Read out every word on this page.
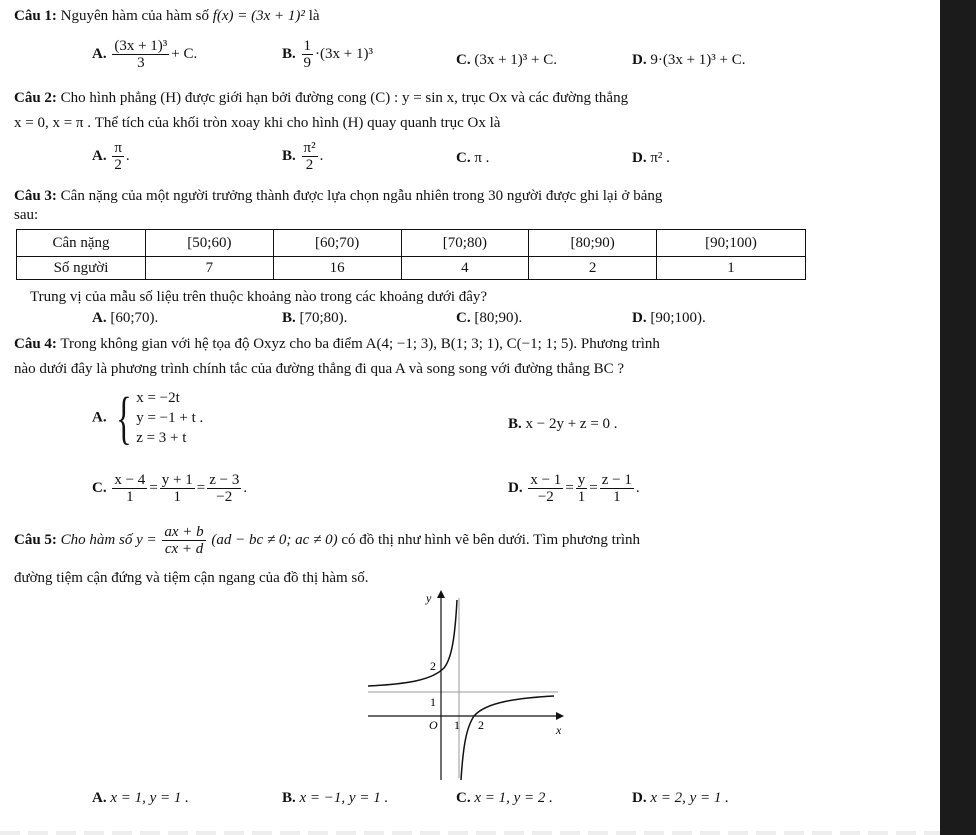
Câu 1: Nguyên hàm của hàm số f(x) = (3x + 1)² là
A. $\frac{\text{(3x + 1)³}}{3} + C$.	B. $\frac{1}{9} \cdot(3x + 1)^3$	C. (3x + 1)³ + C.	D. 9·(3x + 1)³ + C.
Câu 2: Cho hình phẳng (H) được giới hạn bởi đường cong (C) : y = sin x, trục Ox và các đường thẳng
x = 0, x = π . Thể tích của khối tròn xoay khi cho hình (H) quay quanh trục Ox là
A. $\frac{\pi}{2}$ .	B. $\frac{\text{π²}}{2}$ .	C. π .	D. π² .
Câu 3: Cân nặng của một người trưởng thành được lựa chọn ngẫu nhiên trong 30 người được ghi lại ở bảng
sau:
Cân nặng	[50;60)	[60;70)	[70;80)	[80;90)	[90;100)
Số người	7	16	4	2	1
Trung vị của mẫu số liệu trên thuộc khoảng nào trong các khoảng dưới đây?
A. [60;70).	B. [70;80).	C. [80;90).	D. [90;100).
Câu 4: Trong không gian với hệ tọa độ Oxyz cho ba điểm A(4; −1; 3), B(1; 3; 1), C(−1; 1; 5). Phương trình
nào dưới đây là phương trình chính tắc của đường thẳng đi qua A và song song với đường thẳng BC ?
A. { x = −2t
y = −1 + t .
z = 3 + t
B. x − 2y + z = 0 .
C. $\frac{x - 4}{1} = \frac{y + 1}{1} = \frac{z - 3}{-2}$ .	D. $\frac{x - 1}{-2} = \frac{y}{1} = \frac{z - 1}{1}$ .
Câu 5: Cho hàm số $y = \frac{ax + b}{cx + d} (ad$ − bc ≠ 0; ac ≠ 0) có đồ thị như hình vẽ bên dưới. Tìm phương trình
đường tiệm cận đứng và tiệm cận ngang của đồ thị hàm số.
y
x
O 1 2
1
2
A. x = 1, y = 1 .	B. x = −1, y = 1 .	C. x = 1, y = 2 .	D. x = 2, y = 1 .
